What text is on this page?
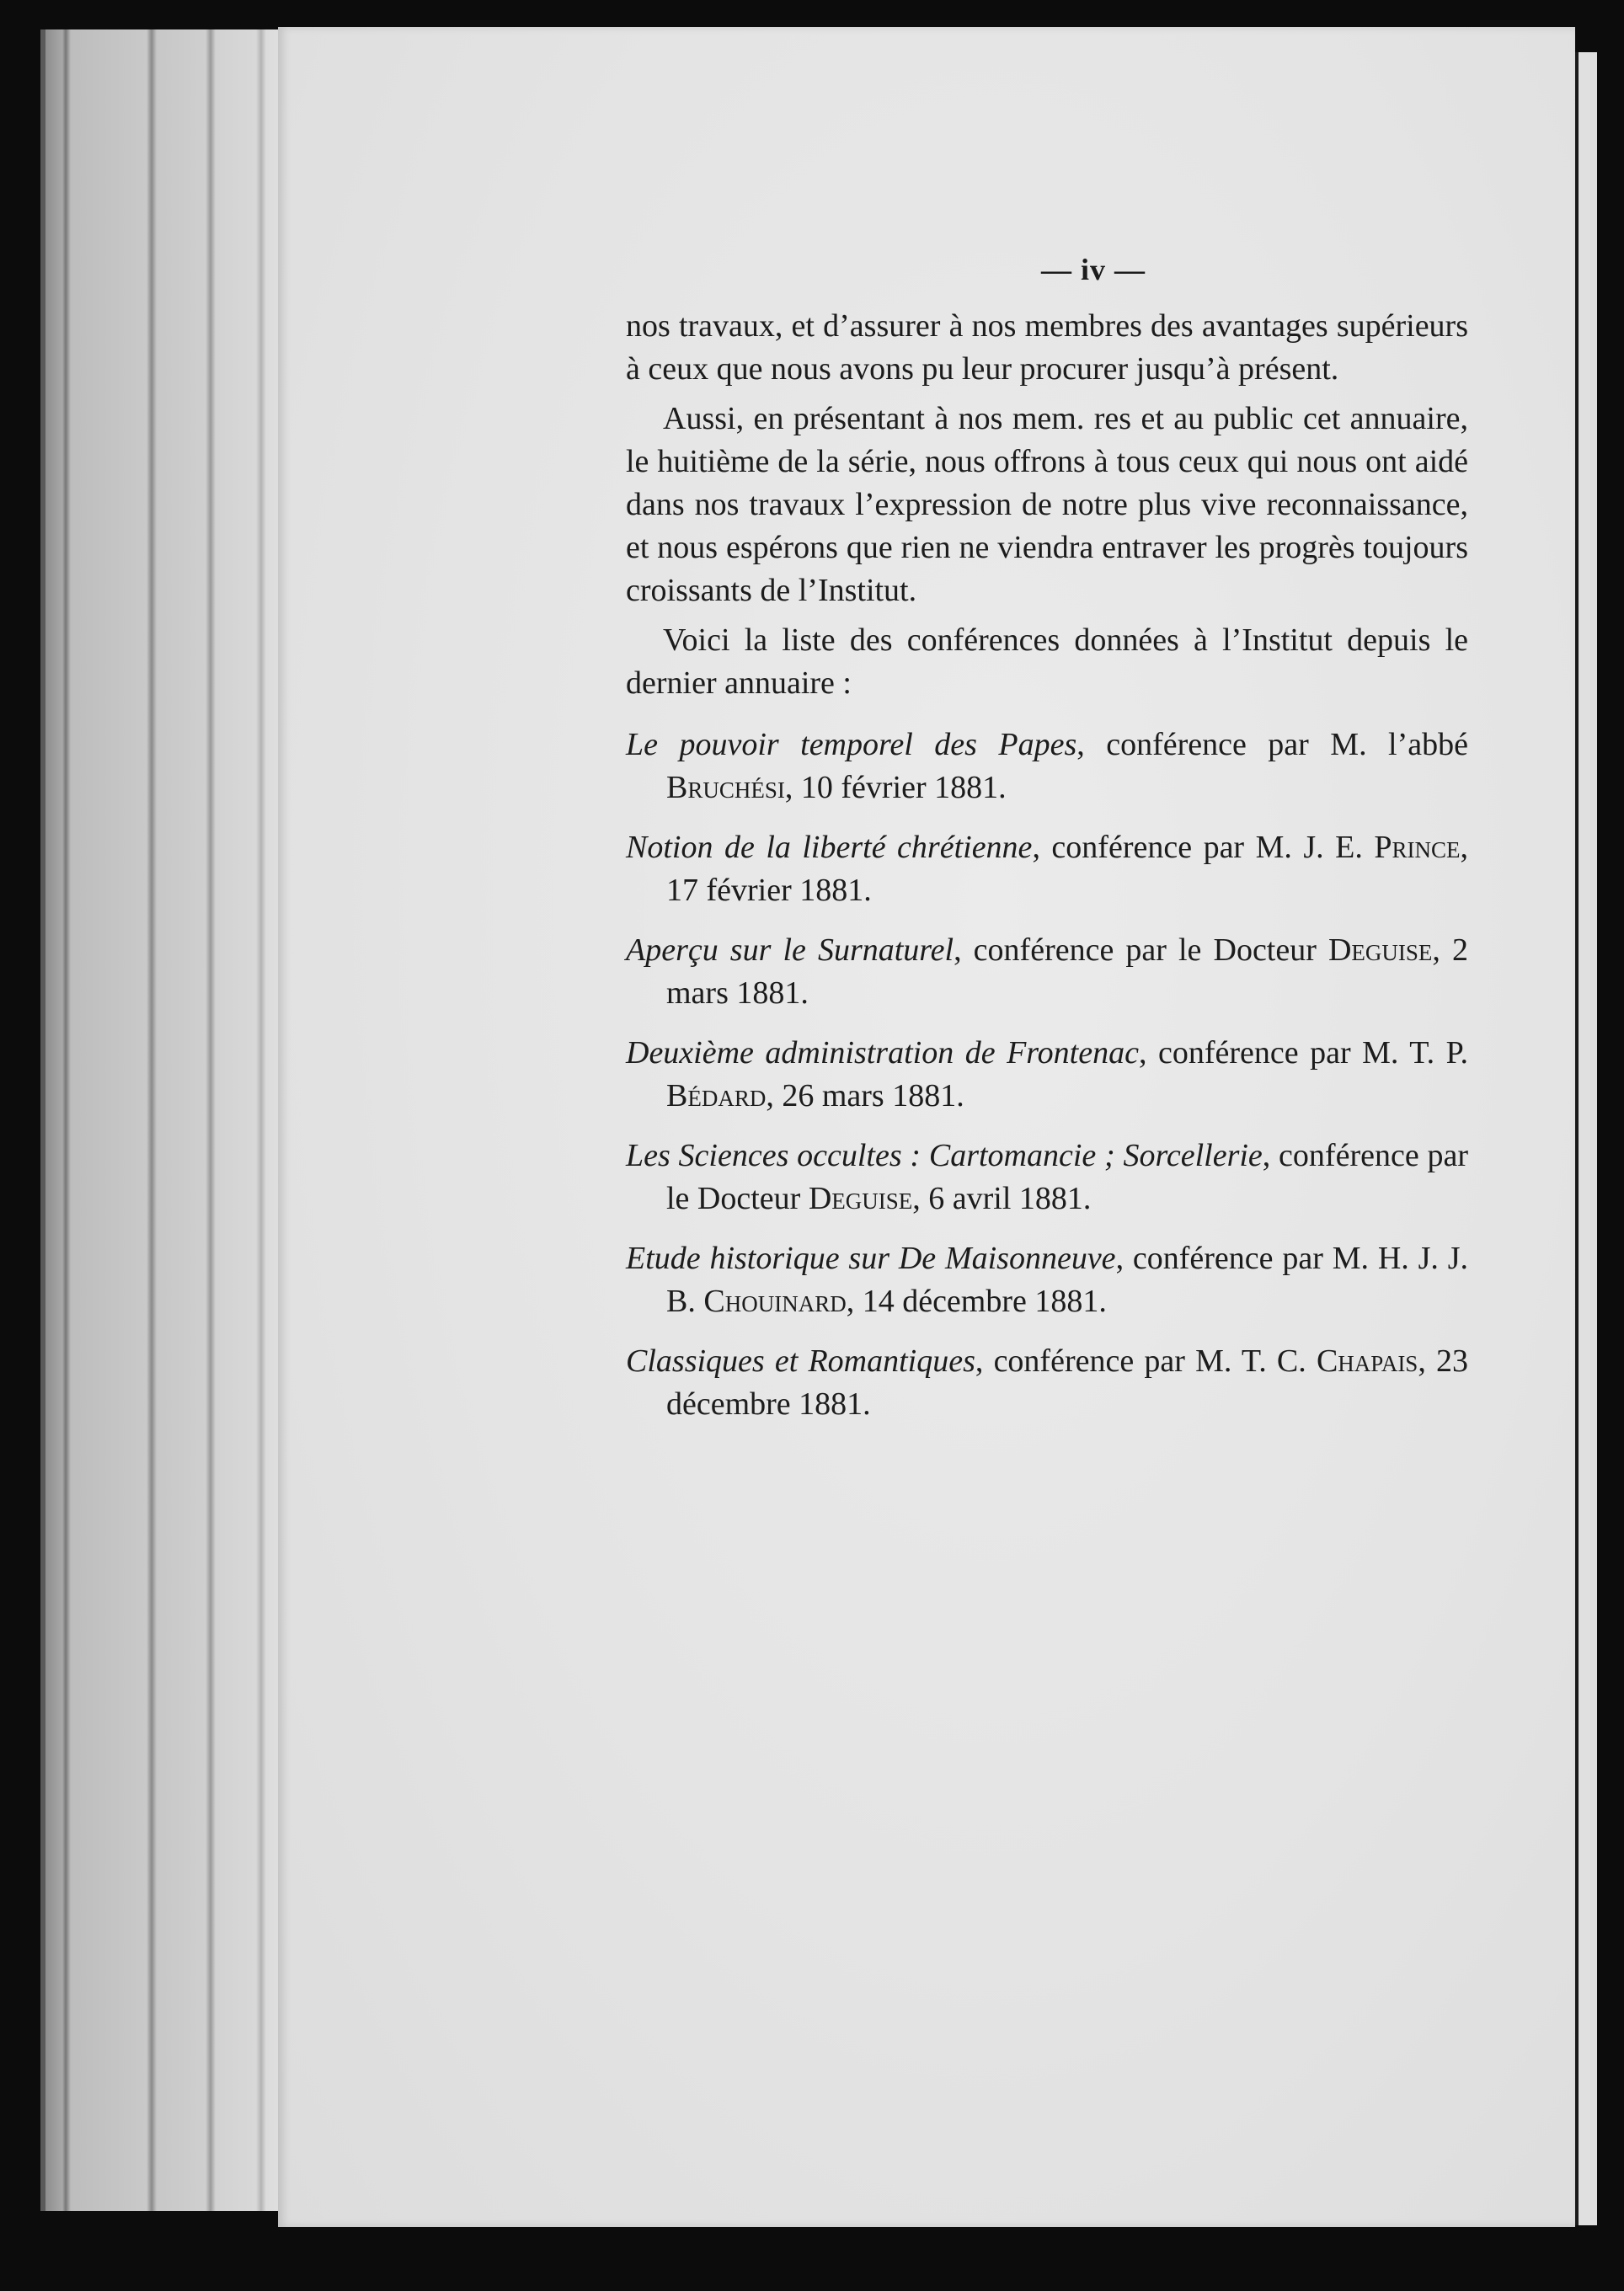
— iv —

nos travaux, et d’assurer à nos membres des avantages supérieurs à ceux que nous avons pu leur procurer jusqu’à présent.

Aussi, en présentant à nos mem. res et au public cet annuaire, le huitième de la série, nous offrons à tous ceux qui nous ont aidé dans nos travaux l’expression de notre plus vive reconnaissance, et nous espérons que rien ne viendra entraver les progrès toujours croissants de l’Institut.

Voici la liste des conférences données à l’Institut depuis le dernier annuaire :

Le pouvoir temporel des Papes, conférence par M. l’abbé Bruchési, 10 février 1881.
Notion de la liberté chrétienne, conférence par M. J. E. Prince, 17 février 1881.
Aperçu sur le Surnaturel, conférence par le Docteur Deguise, 2 mars 1881.
Deuxième administration de Frontenac, conférence par M. T. P. Bédard, 26 mars 1881.
Les Sciences occultes : Cartomancie ; Sorcellerie, conférence par le Docteur Deguise, 6 avril 1881.
Etude historique sur De Maisonneuve, conférence par M. H. J. J. B. Chouinard, 14 décembre 1881.
Classiques et Romantiques, conférence par M. T. C. Chapais, 23 décembre 1881.
